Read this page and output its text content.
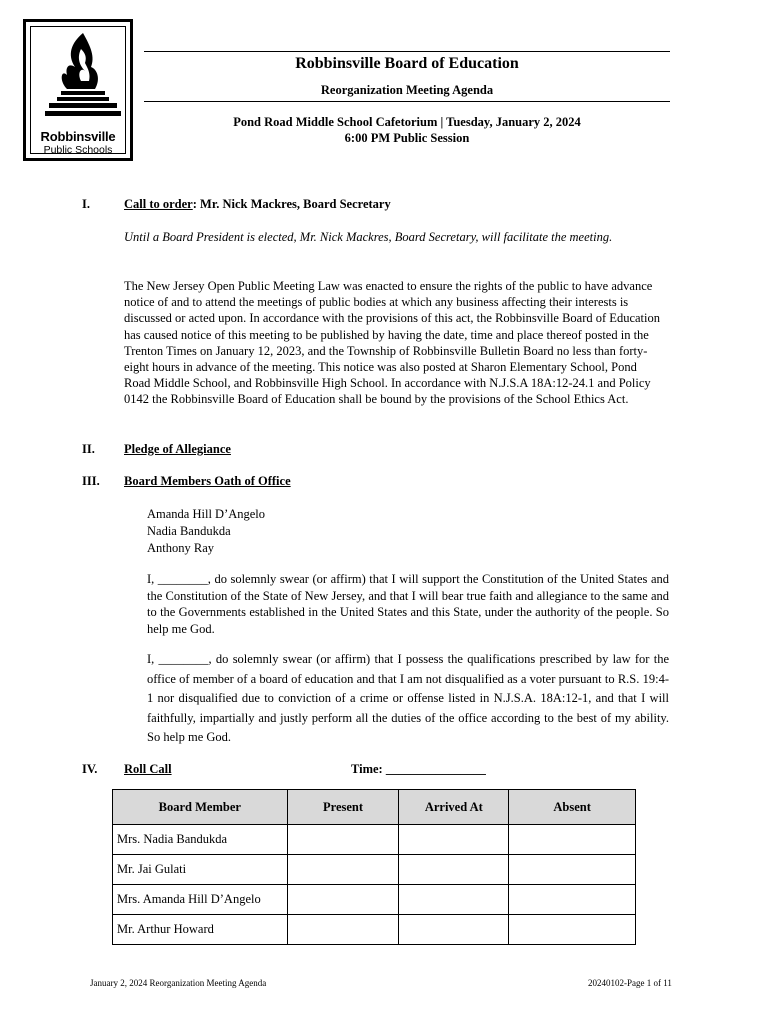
Robbinsville
Public Schools
Robbinsville Board of Education
Reorganization Meeting Agenda
Pond Road Middle School Cafetorium | Tuesday, January 2, 2024
6:00 PM Public Session
I.	Call to order: Mr. Nick Mackres, Board Secretary
Until a Board President is elected, Mr. Nick Mackres, Board Secretary, will facilitate the meeting.
The New Jersey Open Public Meeting Law was enacted to ensure the rights of the public to have advance notice of and to attend the meetings of public bodies at which any business affecting their interests is discussed or acted upon. In accordance with the provisions of this act, the Robbinsville Board of Education has caused notice of this meeting to be published by having the date, time and place thereof posted in the Trenton Times on January 12, 2023, and the Township of Robbinsville Bulletin Board no less than forty-eight hours in advance of the meeting. This notice was also posted at Sharon Elementary School, Pond Road Middle School, and Robbinsville High School. In accordance with N.J.S.A 18A:12-24.1 and Policy 0142 the Robbinsville Board of Education shall be bound by the provisions of the School Ethics Act.
II. Pledge of Allegiance
III. Board Members Oath of Office
Amanda Hill D’Angelo
Nadia Bandukda
Anthony Ray
I, ________, do solemnly swear (or affirm) that I will support the Constitution of the United States and the Constitution of the State of New Jersey, and that I will bear true faith and allegiance to the same and to the Governments established in the United States and this State, under the authority of the people. So help me God.
I, ________, do solemnly swear (or affirm) that I possess the qualifications prescribed by law for the office of member of a board of education and that I am not disqualified as a voter pursuant to R.S. 19:4-1 nor disqualified due to conviction of a crime or offense listed in N.J.S.A. 18A:12-1, and that I will faithfully, impartially and justly perform all the duties of the office according to the best of my ability. So help me God.
IV. Roll Call	Time: ________________
Board Member	Present	Arrived At	Absent
Mrs. Nadia Bandukda			
Mr. Jai Gulati			
Mrs. Amanda Hill D’Angelo			
Mr. Arthur Howard			
January 2, 2024 Reorganization Meeting Agenda	20240102-Page 1 of 11
